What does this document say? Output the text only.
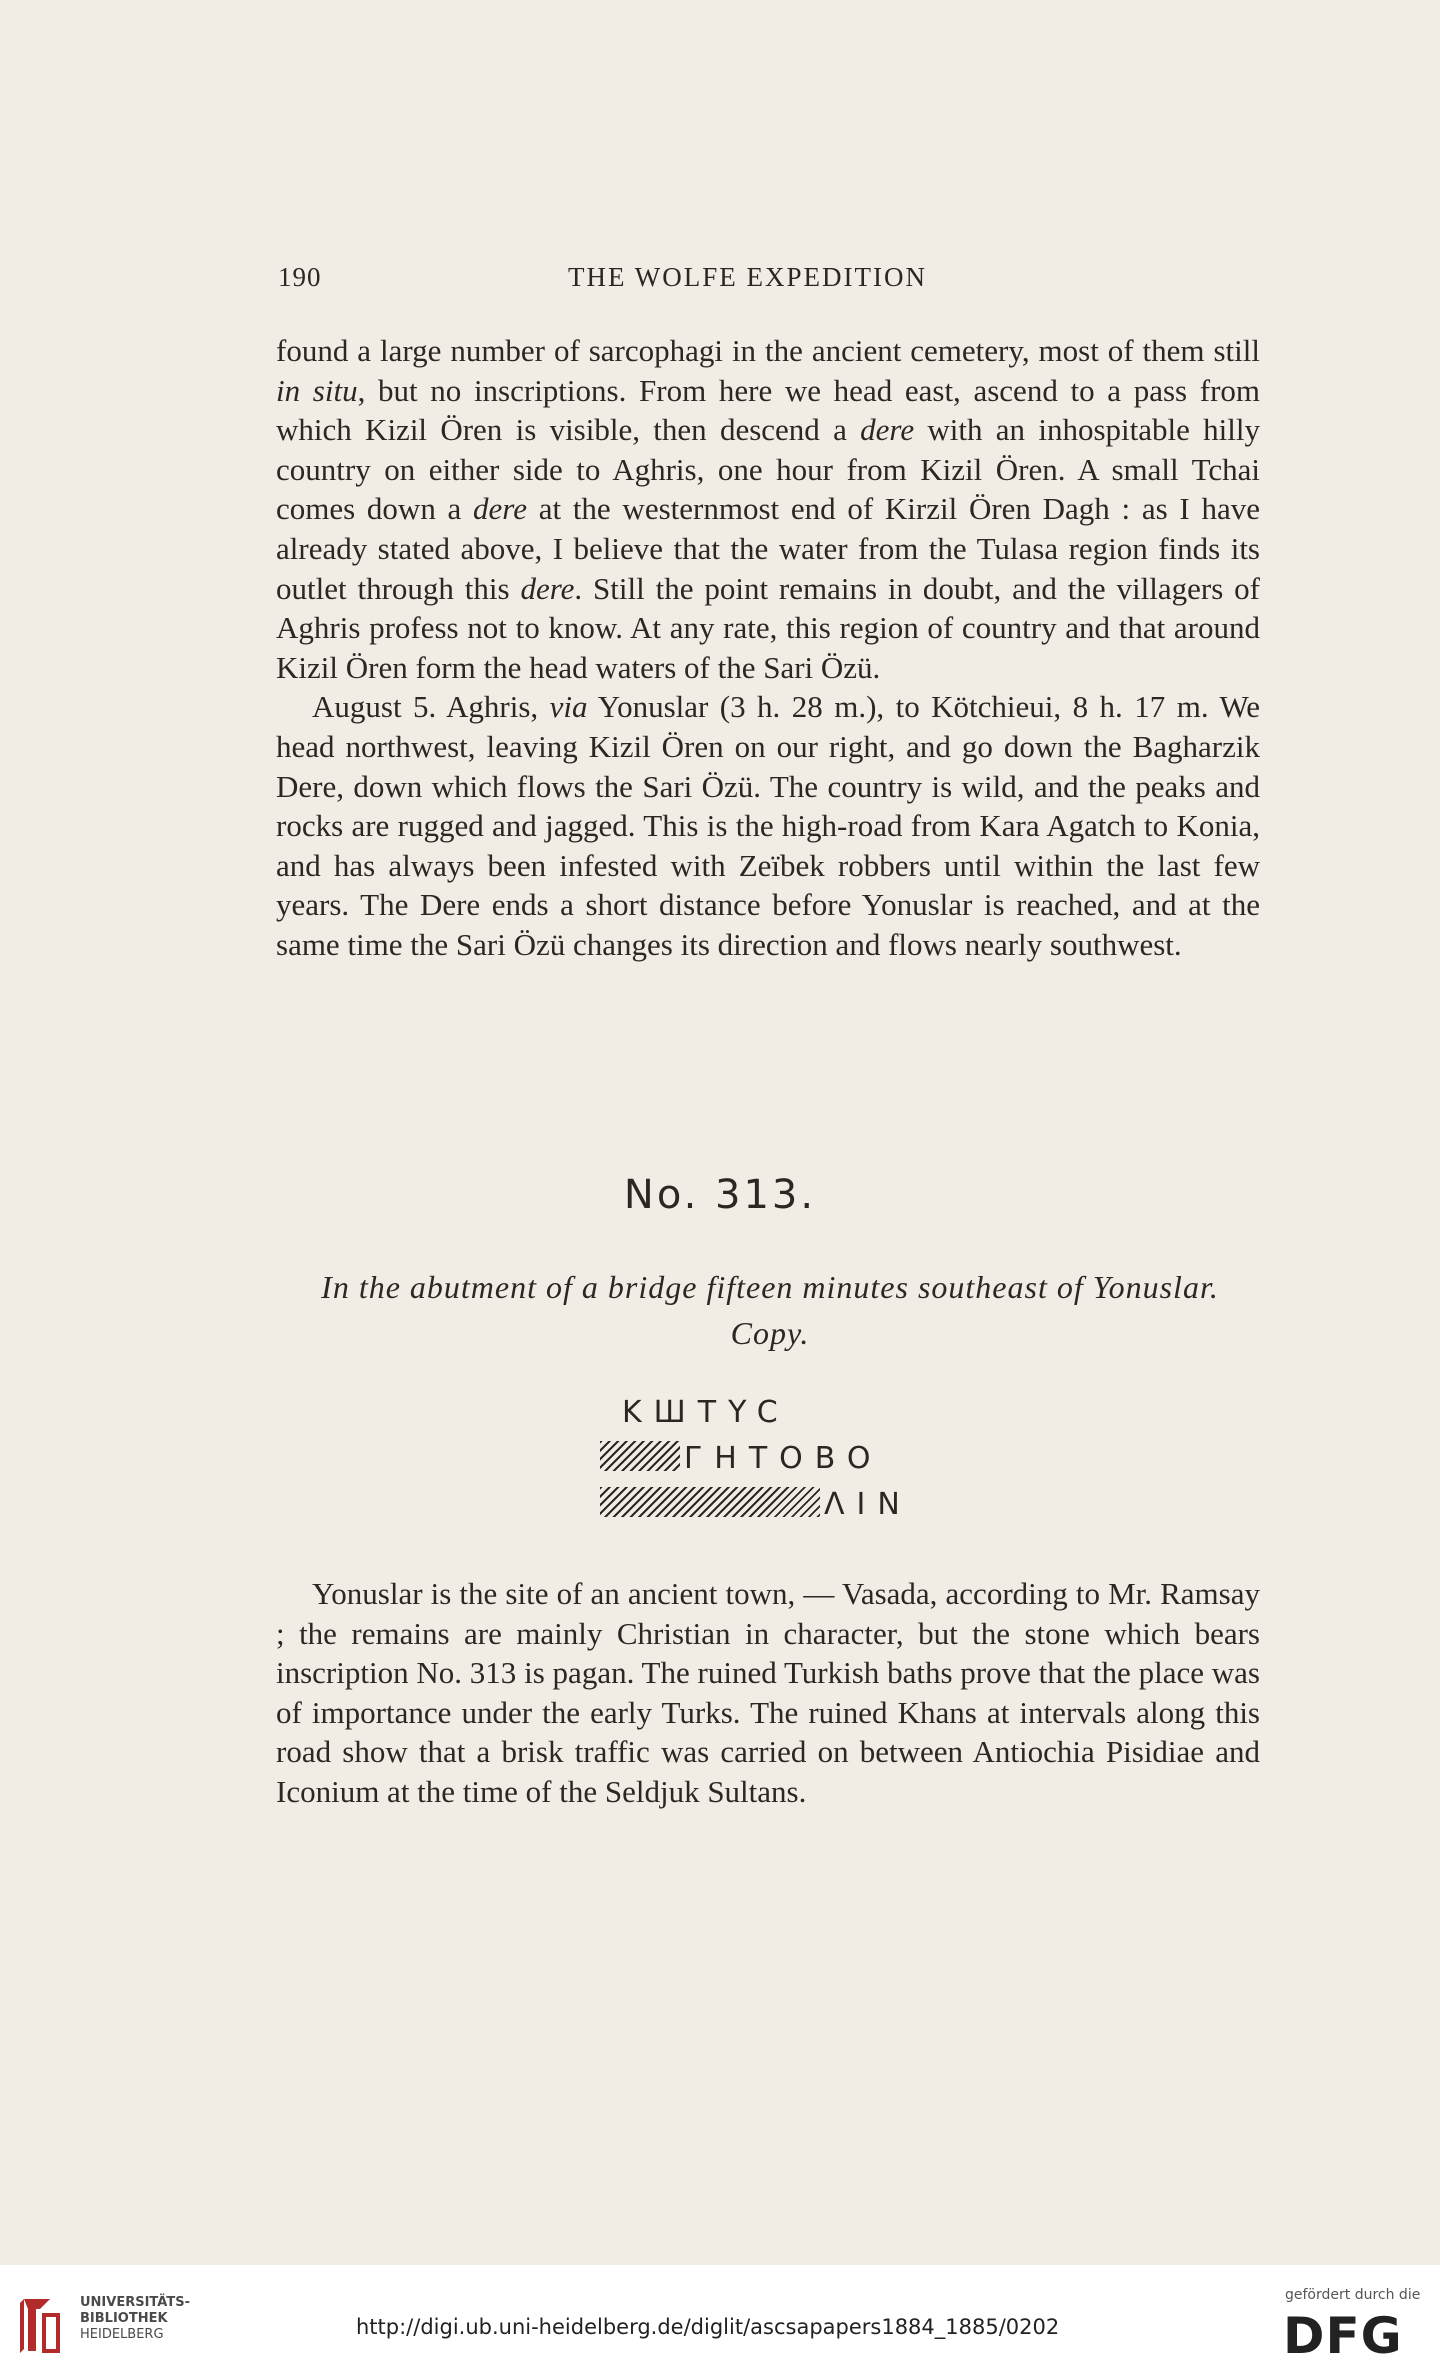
190	THE WOLFE EXPEDITION

found a large number of sarcophagi in the ancient cemetery, most of them still in situ, but no inscriptions. From here we head east, ascend to a pass from which Kizil Ören is visible, then descend a dere with an inhospitable hilly country on either side to Aghris, one hour from Kizil Ören. A small Tchai comes down a dere at the westernmost end of Kirzil Ören Dagh : as I have already stated above, I believe that the water from the Tulasa region finds its outlet through this dere. Still the point remains in doubt, and the villagers of Aghris profess not to know. At any rate, this region of country and that around Kizil Ören form the head waters of the Sari Özü.

August 5. Aghris, via Yonuslar (3 h. 28 m.), to Kötchieui, 8 h. 17 m. We head northwest, leaving Kizil Ören on our right, and go down the Bagharzik Dere, down which flows the Sari Özü. The country is wild, and the peaks and rocks are rugged and jagged. This is the high-road from Kara Agatch to Konia, and has always been infested with Zeïbek robbers until within the last few years. The Dere ends a short distance before Yonuslar is reached, and at the same time the Sari Özü changes its direction and flows nearly southwest.

No. 313.
In the abutment of a bridge fifteen minutes southeast of Yonuslar. Copy.
KШTYC
ГHTOBO
ΛIN

Yonuslar is the site of an ancient town, — Vasada, according to Mr. Ramsay ; the remains are mainly Christian in character, but the stone which bears inscription No. 313 is pagan. The ruined Turkish baths prove that the place was of importance under the early Turks. The ruined Khans at intervals along this road show that a brisk traffic was carried on between Antiochia Pisidiae and Iconium at the time of the Seldjuk Sultans.

UNIVERSITÄTS-
BIBLIOTHEK
HEIDELBERG	http://digi.ub.uni-heidelberg.de/diglit/ascsapapers1884_1885/0202
gefördert durch die
DFG
